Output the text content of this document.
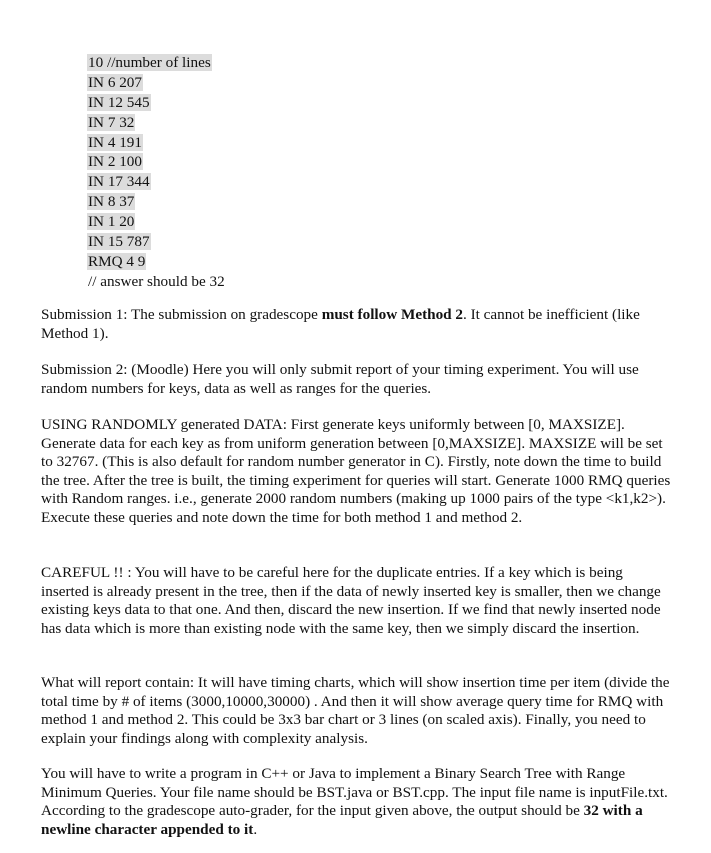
10 //number of lines
IN 6 207
IN 12 545
IN 7 32
IN 4 191
IN 2 100
IN 17 344
IN 8 37
IN 1 20
IN 15 787
RMQ 4 9
// answer should be 32

Submission 1: The submission on gradescope must follow Method 2. It cannot be inefficient (like Method 1).

Submission 2: (Moodle) Here you will only submit report of your timing experiment. You will use random numbers for keys, data as well as ranges for the queries.

USING RANDOMLY generated DATA: First generate keys uniformly between [0, MAXSIZE]. Generate data for each key as from uniform generation between [0,MAXSIZE]. MAXSIZE will be set to 32767. (This is also default for random number generator in C). Firstly, note down the time to build the tree. After the tree is built, the timing experiment for queries will start. Generate 1000 RMQ queries with Random ranges. i.e., generate 2000 random numbers (making up 1000 pairs of the type <k1,k2>). Execute these queries and note down the time for both method 1 and method 2.

CAREFUL !! : You will have to be careful here for the duplicate entries. If a key which is being inserted is already present in the tree, then if the data of newly inserted key is smaller, then we change existing keys data to that one. And then, discard the new insertion. If we find that newly inserted node has data which is more than existing node with the same key, then we simply discard the insertion.

What will report contain: It will have timing charts, which will show insertion time per item (divide the total time by # of items (3000,10000,30000) . And then it will show average query time for RMQ with method 1 and method 2. This could be 3x3 bar chart or 3 lines (on scaled axis). Finally, you need to explain your findings along with complexity analysis.

You will have to write a program in C++ or Java to implement a Binary Search Tree with Range Minimum Queries. Your file name should be BST.java or BST.cpp. The input file name is inputFile.txt. According to the gradescope auto-grader, for the input given above, the output should be 32 with a newline character appended to it.
